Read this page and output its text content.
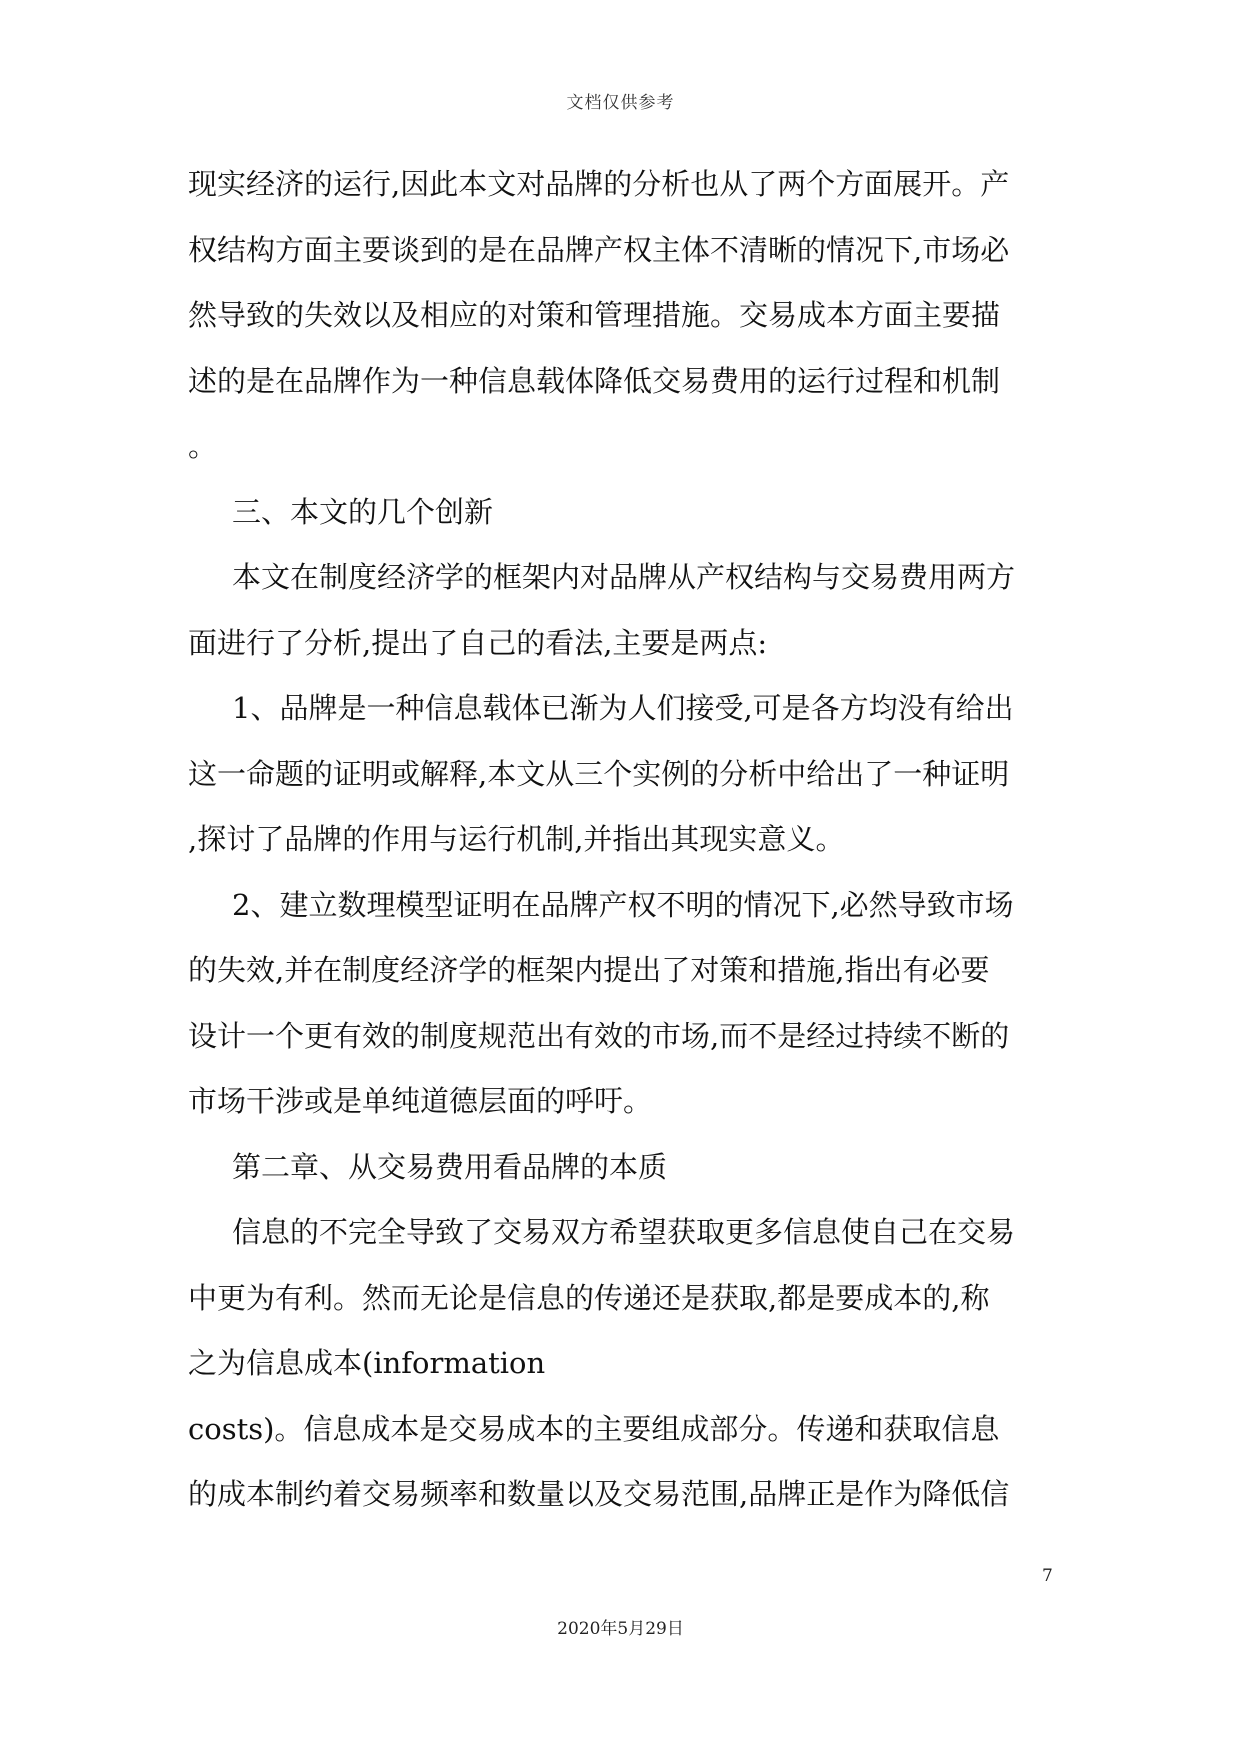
文档仅供参考
现实经济的运行,因此本文对品牌的分析也从了两个方面展开。产
权结构方面主要谈到的是在品牌产权主体不清晰的情况下,市场必
然导致的失效以及相应的对策和管理措施。交易成本方面主要描
述的是在品牌作为一种信息载体降低交易费用的运行过程和机制
。
三、本文的几个创新
本文在制度经济学的框架内对品牌从产权结构与交易费用两方
面进行了分析,提出了自己的看法,主要是两点:
1、品牌是一种信息载体已渐为人们接受,可是各方均没有给出
这一命题的证明或解释,本文从三个实例的分析中给出了一种证明
,探讨了品牌的作用与运行机制,并指出其现实意义。
2、建立数理模型证明在品牌产权不明的情况下,必然导致市场
的失效,并在制度经济学的框架内提出了对策和措施,指出有必要
设计一个更有效的制度规范出有效的市场,而不是经过持续不断的
市场干涉或是单纯道德层面的呼吁。
第二章、从交易费用看品牌的本质
信息的不完全导致了交易双方希望获取更多信息使自己在交易
中更为有利。然而无论是信息的传递还是获取,都是要成本的,称
之为信息成本(information
costs)。信息成本是交易成本的主要组成部分。传递和获取信息
的成本制约着交易频率和数量以及交易范围,品牌正是作为降低信
7
2020年5月29日
